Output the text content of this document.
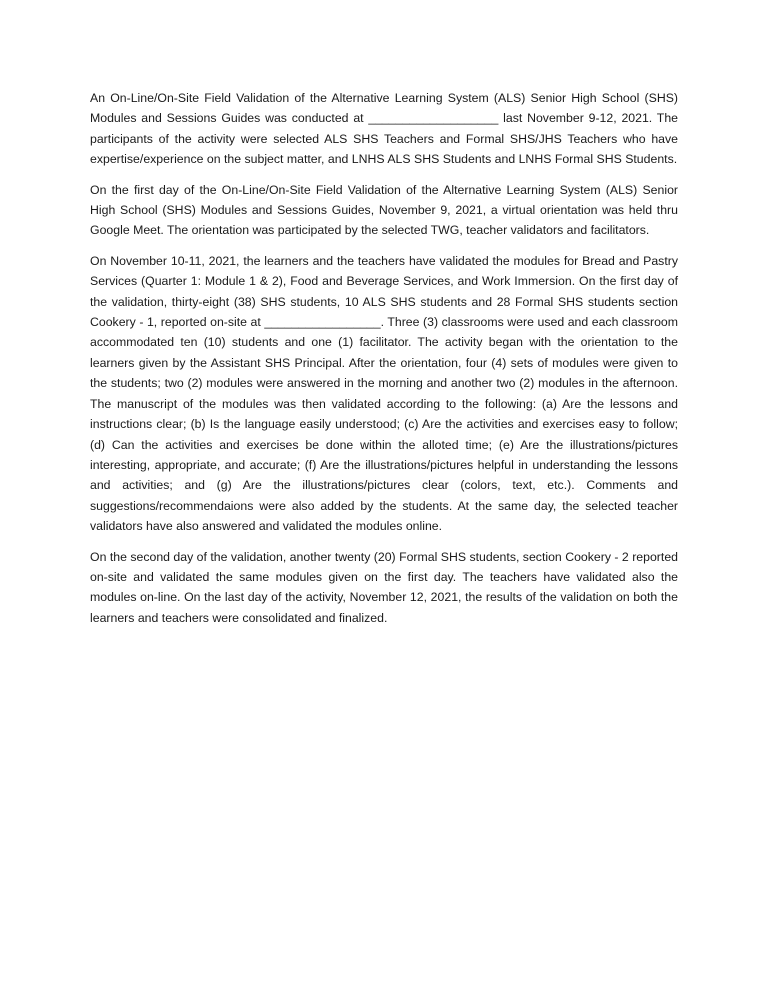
An On-Line/On-Site Field Validation of the Alternative Learning System (ALS) Senior High School (SHS) Modules and Sessions Guides was conducted at ___________________ last November 9-12, 2021. The participants of the activity were selected ALS SHS Teachers and Formal SHS/JHS Teachers who have expertise/experience on the subject matter, and LNHS ALS SHS Students and LNHS Formal SHS Students.

On the first day of the On-Line/On-Site Field Validation of the Alternative Learning System (ALS) Senior High School (SHS) Modules and Sessions Guides, November 9, 2021, a virtual orientation was held thru Google Meet. The orientation was participated by the selected TWG, teacher validators and facilitators.

On November 10-11, 2021, the learners and the teachers have validated the modules for Bread and Pastry Services (Quarter 1: Module 1 & 2), Food and Beverage Services, and Work Immersion. On the first day of the validation, thirty-eight (38) SHS students, 10 ALS SHS students and 28 Formal SHS students section Cookery - 1, reported on-site at _________________. Three (3) classrooms were used and each classroom accommodated ten (10) students and one (1) facilitator. The activity began with the orientation to the learners given by the Assistant SHS Principal. After the orientation, four (4) sets of modules were given to the students; two (2) modules were answered in the morning and another two (2) modules in the afternoon. The manuscript of the modules was then validated according to the following: (a) Are the lessons and instructions clear; (b) Is the language easily understood; (c) Are the activities and exercises easy to follow; (d) Can the activities and exercises be done within the alloted time; (e) Are the illustrations/pictures interesting, appropriate, and accurate; (f) Are the illustrations/pictures helpful in understanding the lessons and activities; and (g) Are the illustrations/pictures clear (colors, text, etc.). Comments and suggestions/recommendaions were also added by the students. At the same day, the selected teacher validators have also answered and validated the modules online.

On the second day of the validation, another twenty (20) Formal SHS students, section Cookery - 2 reported on-site and validated the same modules given on the first day. The teachers have validated also the modules on-line. On the last day of the activity, November 12, 2021, the results of the validation on both the learners and teachers were consolidated and finalized.
